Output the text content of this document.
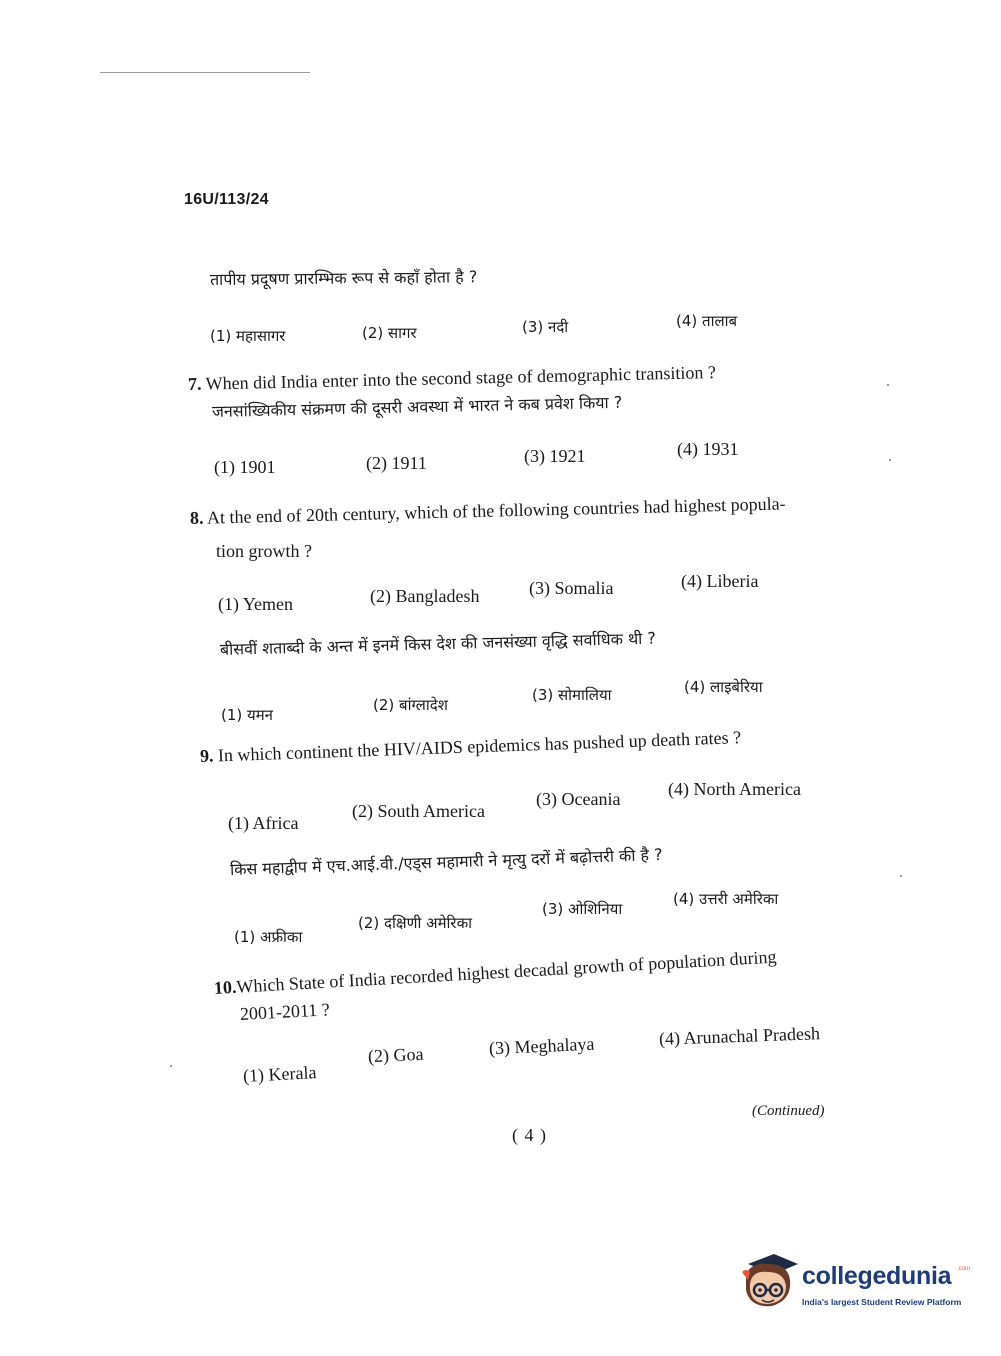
16U/113/24
तापीय प्रदूषण प्रारम्भिक रूप से कहाँ होता है ?
(1) महासागर	(2) सागर	(3) नदी	(4) तालाब
7. When did India enter into the second stage of demographic transition ?
जनसांख्यिकीय संक्रमण की दूसरी अवस्था में भारत ने कब प्रवेश किया ?
(1) 1901	(2) 1911	(3) 1921	(4) 1931
8. At the end of 20th century, which of the following countries had highest popula-
tion growth ?
(1) Yemen	(2) Bangladesh	(3) Somalia	(4) Liberia
बीसवीं शताब्दी के अन्त में इनमें किस देश की जनसंख्या वृद्धि सर्वाधिक थी ?
(1) यमन
(2) बांग्लादेश
(3) सोमालिया	(4) लाइबेरिया
9. In which continent the HIV/AIDS epidemics has pushed up death rates ?
(1) Africa
(2) South America
(3) Oceania	(4) North America
किस महाद्वीप में एच.आई.वी./एड्स महामारी ने मृत्यु दरों में बढ़ोत्तरी की है ?
(1) अफ्रीका
(2) दक्षिणी अमेरिका
(3) ओशिनिया
(4) उत्तरी अमेरिका
10.Which State of India recorded highest decadal growth of population during
2001-2011 ?
(1) Kerala
(2) Goa	(3) Meghalaya	(4) Arunachal Pradesh
(Continued)
( 4 )
collegedunia .com
India's largest Student Review Platform
